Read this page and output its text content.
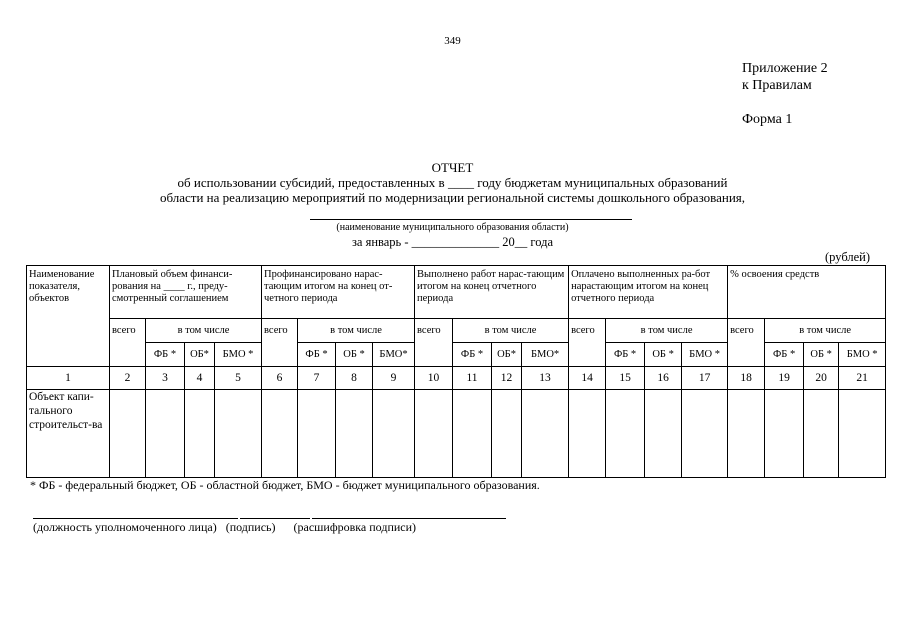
349
Приложение 2
к Правилам
Форма 1
ОТЧЕТ
об использовании субсидий, предоставленных в ____ году бюджетам муниципальных образований
области на реализацию мероприятий по модернизации региональной системы дошкольного образования,
(наименование муниципального образования области)
за январь - ______________ 20__ года
(рублей)
Наименование показателя, объектов	Плановый объем финанси-рования на ____ г., преду-смотренный соглашением				Профинансировано нарас-тающим итогом на конец от-четного периода				Выполнено работ нарас-тающим итогом на конец отчетного периода				Оплачено выполненных ра-бот нарастающим итогом на конец отчетного периода				% освоения средств			
	всего	в том числе			всего	в том числе			всего	в том числе			всего	в том числе			всего	в том числе		
		ФБ *	ОБ*	БМО *		ФБ *	ОБ *	БМО*		ФБ *	ОБ*	БМО*		ФБ *	ОБ *	БМО *		ФБ *	ОБ *	БМО *
1	2	3	4	5	6	7	8	9	10	11	12	13	14	15	16	17	18	19	20	21
Объект капи-тального строительст-ва																				
* ФБ - федеральный бюджет, ОБ - областной бюджет, БМО - бюджет муниципального образования.
(должность уполномоченного лица) (подпись) (расшифровка подписи)
